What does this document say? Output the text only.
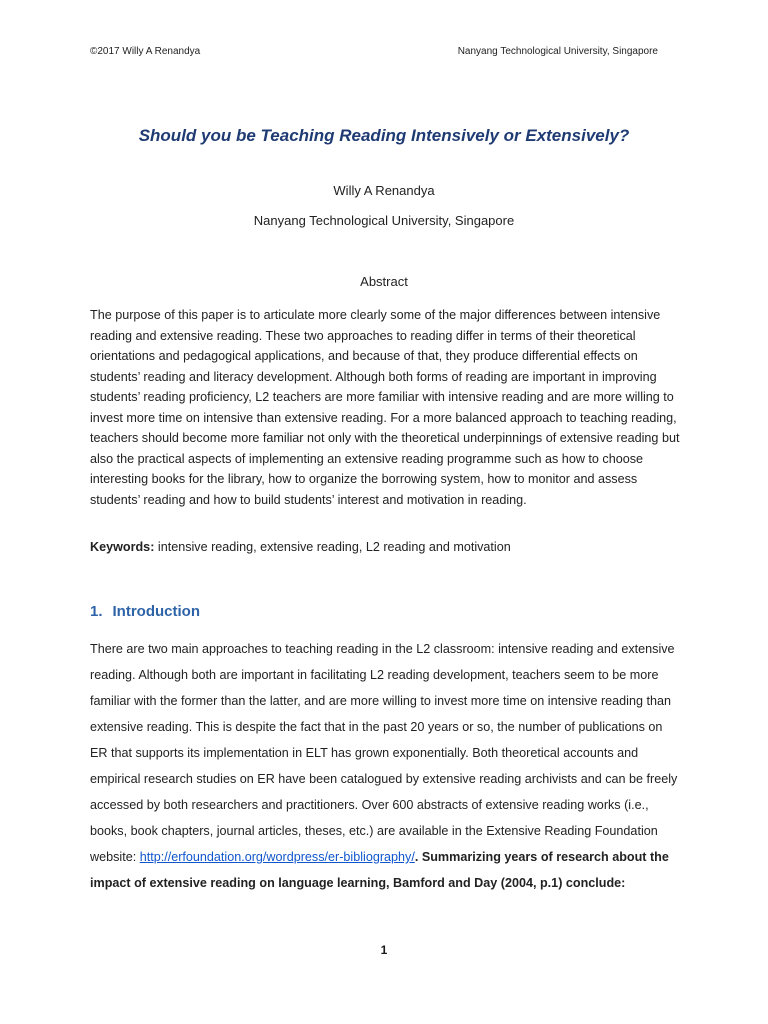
©2017 Willy A Renandya	Nanyang Technological University, Singapore
Should you be Teaching Reading Intensively or Extensively?
Willy A Renandya
Nanyang Technological University, Singapore
Abstract

The purpose of this paper is to articulate more clearly some of the major differences between intensive reading and extensive reading. These two approaches to reading differ in terms of their theoretical orientations and pedagogical applications, and because of that, they produce differential effects on students’ reading and literacy development. Although both forms of reading are important in improving students’ reading proficiency, L2 teachers are more familiar with intensive reading and are more willing to invest more time on intensive than extensive reading. For a more balanced approach to teaching reading, teachers should become more familiar not only with the theoretical underpinnings of extensive reading but also the practical aspects of implementing an extensive reading programme such as how to choose interesting books for the library, how to organize the borrowing system, how to monitor and assess students’ reading and how to build students’ interest and motivation in reading.

Keywords: intensive reading, extensive reading, L2 reading and motivation

1. Introduction

There are two main approaches to teaching reading in the L2 classroom: intensive reading and extensive reading. Although both are important in facilitating L2 reading development, teachers seem to be more familiar with the former than the latter, and are more willing to invest more time on intensive reading than extensive reading. This is despite the fact that in the past 20 years or so, the number of publications on ER that supports its implementation in ELT has grown exponentially. Both theoretical accounts and empirical research studies on ER have been catalogued by extensive reading archivists and can be freely accessed by both researchers and practitioners. Over 600 abstracts of extensive reading works (i.e., books, book chapters, journal articles, theses, etc.) are available in the Extensive Reading Foundation website: http://erfoundation.org/wordpress/er-bibliography/. Summarizing years of research about the impact of extensive reading on language learning, Bamford and Day (2004, p.1) conclude:

1
